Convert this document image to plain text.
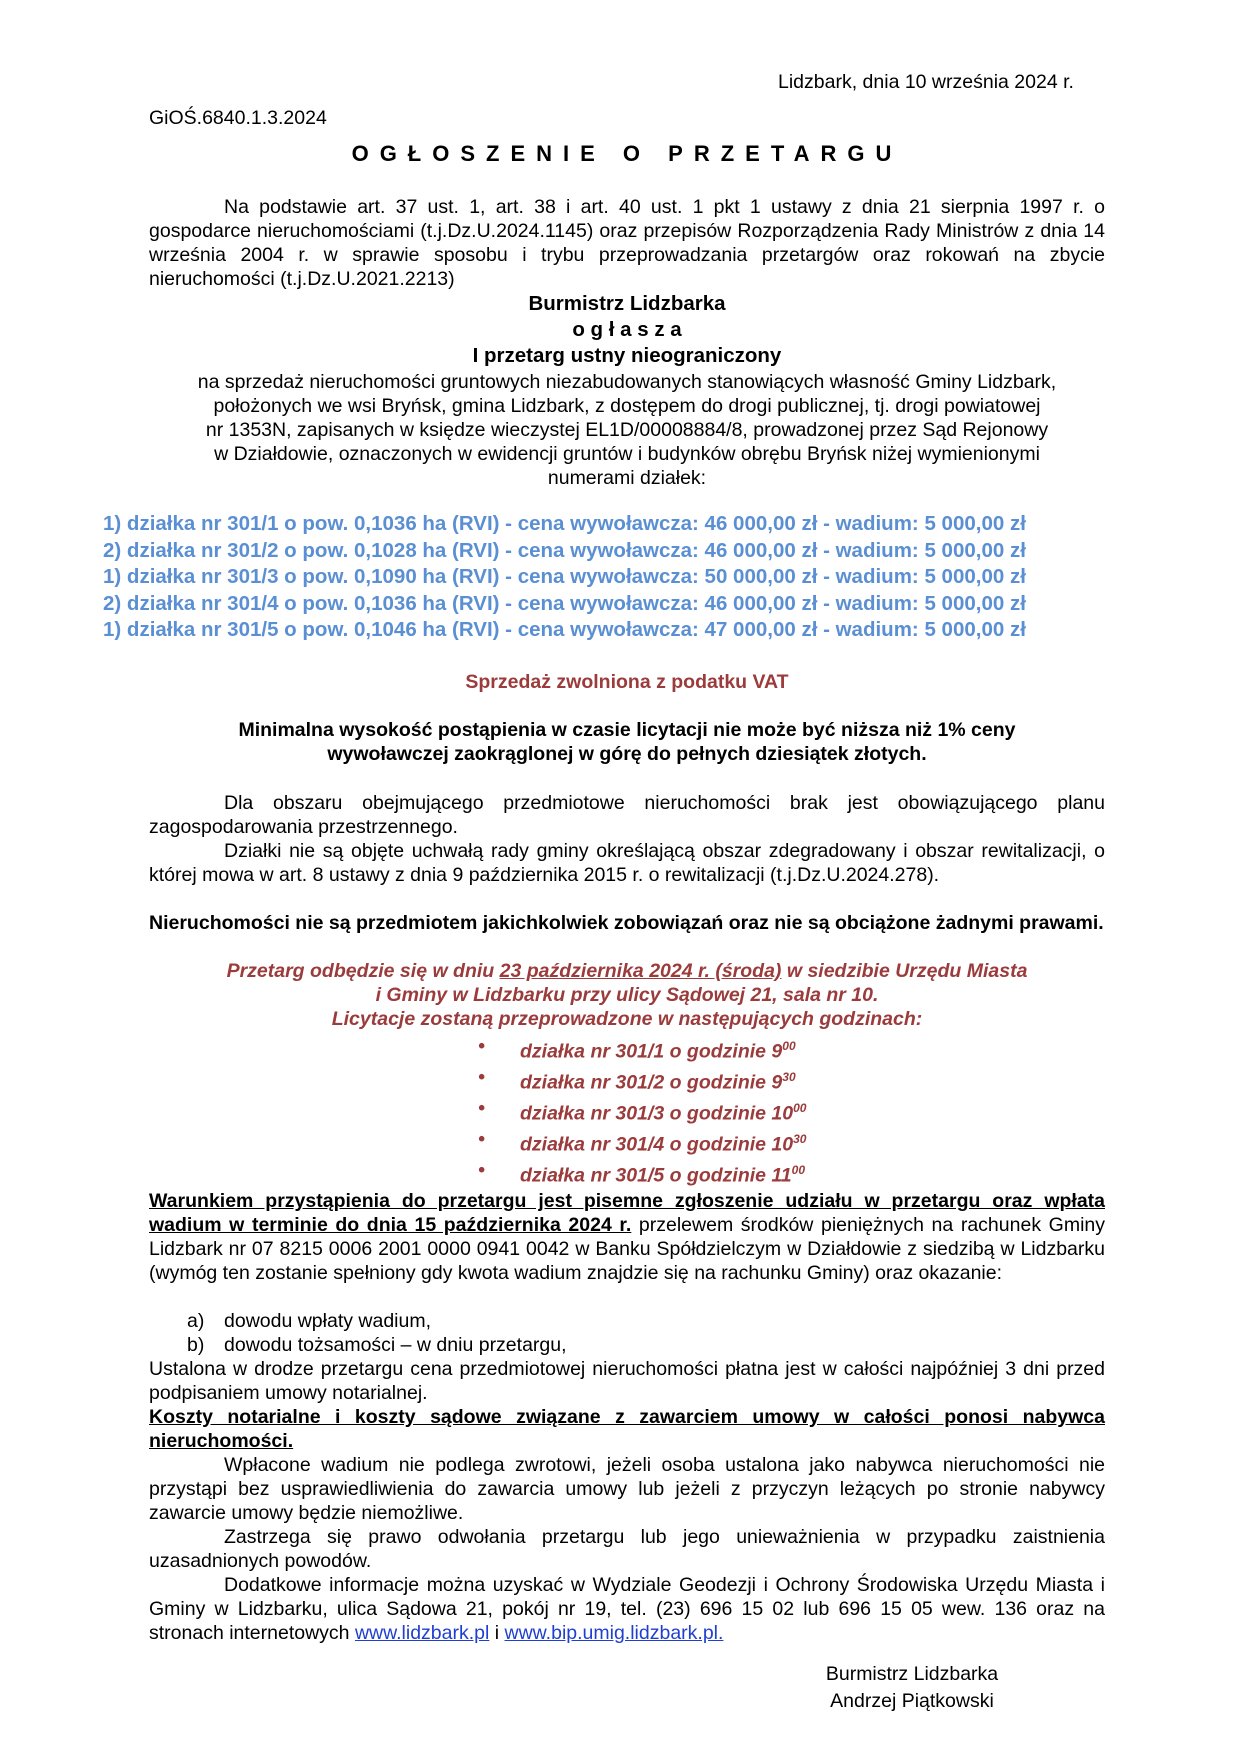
Lidzbark, dnia 10 września 2024 r.
GiOŚ.6840.1.3.2024
OGŁOSZENIE O PRZETARGU

Na podstawie art. 37 ust. 1, art. 38 i art. 40 ust. 1 pkt 1 ustawy z dnia 21 sierpnia 1997 r. o gospodarce nieruchomościami (t.j.Dz.U.2024.1145) oraz przepisów Rozporządzenia Rady Ministrów z dnia 14 września 2004 r. w sprawie sposobu i trybu przeprowadzania przetargów oraz rokowań na zbycie nieruchomości (t.j.Dz.U.2021.2213)

Burmistrz Lidzbarka
o g ł a s z a
I przetarg ustny nieograniczony
na sprzedaż nieruchomości gruntowych niezabudowanych stanowiących własność Gminy Lidzbark,
położonych we wsi Bryńsk, gmina Lidzbark, z dostępem do drogi publicznej, tj. drogi powiatowej
nr 1353N, zapisanych w księdze wieczystej EL1D/00008884/8, prowadzonej przez Sąd Rejonowy
w Działdowie, oznaczonych w ewidencji gruntów i budynków obrębu Bryńsk niżej wymienionymi
numerami działek:
1) działka nr 301/1 o pow. 0,1036 ha (RVI) - cena wywoławcza: 46 000,00 zł - wadium: 5 000,00 zł
2) działka nr 301/2 o pow. 0,1028 ha (RVI) - cena wywoławcza: 46 000,00 zł - wadium: 5 000,00 zł
1) działka nr 301/3 o pow. 0,1090 ha (RVI) - cena wywoławcza: 50 000,00 zł - wadium: 5 000,00 zł
2) działka nr 301/4 o pow. 0,1036 ha (RVI) - cena wywoławcza: 46 000,00 zł - wadium: 5 000,00 zł
1) działka nr 301/5 o pow. 0,1046 ha (RVI) - cena wywoławcza: 47 000,00 zł - wadium: 5 000,00 zł
Sprzedaż zwolniona z podatku VAT
Minimalna wysokość postąpienia w czasie licytacji nie może być niższa niż 1% ceny
wywoławczej zaokrąglonej w górę do pełnych dziesiątek złotych.

Dla obszaru obejmującego przedmiotowe nieruchomości brak jest obowiązującego planu zagospodarowania przestrzennego.

Działki nie są objęte uchwałą rady gminy określającą obszar zdegradowany i obszar rewitalizacji, o której mowa w art. 8 ustawy z dnia 9 października 2015 r. o rewitalizacji (t.j.Dz.U.2024.278).

Nieruchomości nie są przedmiotem jakichkolwiek zobowiązań oraz nie są obciążone żadnymi prawami.

Przetarg odbędzie się w dniu 23 października 2024 r. (środa) w siedzibie Urzędu Miasta
i Gminy w Lidzbarku przy ulicy Sądowej 21, sala nr 10.
Licytacje zostaną przeprowadzone w następujących godzinach:
• działka nr 301/1 o godzinie $9^{00}$
• działka nr 301/2 o godzinie $9^{30}$
• działka nr 301/3 o godzinie $10^{00}$
• działka nr 301/4 o godzinie $10^{30}$
• działka nr 301/5 o godzinie $11^{00}$

Warunkiem przystąpienia do przetargu jest pisemne zgłoszenie udziału w przetargu oraz wpłata wadium w terminie do dnia 15 października 2024 r. przelewem środków pieniężnych na rachunek Gminy Lidzbark nr 07 8215 0006 2001 0000 0941 0042 w Banku Spółdzielczym w Działdowie z siedzibą w Lidzbarku (wymóg ten zostanie spełniony gdy kwota wadium znajdzie się na rachunku Gminy) oraz okazanie:

a) dowodu wpłaty wadium,
b) dowodu tożsamości – w dniu przetargu,

Ustalona w drodze przetargu cena przedmiotowej nieruchomości płatna jest w całości najpóźniej 3 dni przed podpisaniem umowy notarialnej.

Koszty notarialne i koszty sądowe związane z zawarciem umowy w całości ponosi nabywca nieruchomości.

Wpłacone wadium nie podlega zwrotowi, jeżeli osoba ustalona jako nabywca nieruchomości nie przystąpi bez usprawiedliwienia do zawarcia umowy lub jeżeli z przyczyn leżących po stronie nabywcy zawarcie umowy będzie niemożliwe.

Zastrzega się prawo odwołania przetargu lub jego unieważnienia w przypadku zaistnienia uzasadnionych powodów.

Dodatkowe informacje można uzyskać w Wydziale Geodezji i Ochrony Środowiska Urzędu Miasta i Gminy w Lidzbarku, ulica Sądowa 21, pokój nr 19, tel. (23) 696 15 02 lub 696 15 05 wew. 136 oraz na stronach internetowych www.lidzbark.pl i www.bip.umig.lidzbark.pl.

Burmistrz Lidzbarka
Andrzej Piątkowski
